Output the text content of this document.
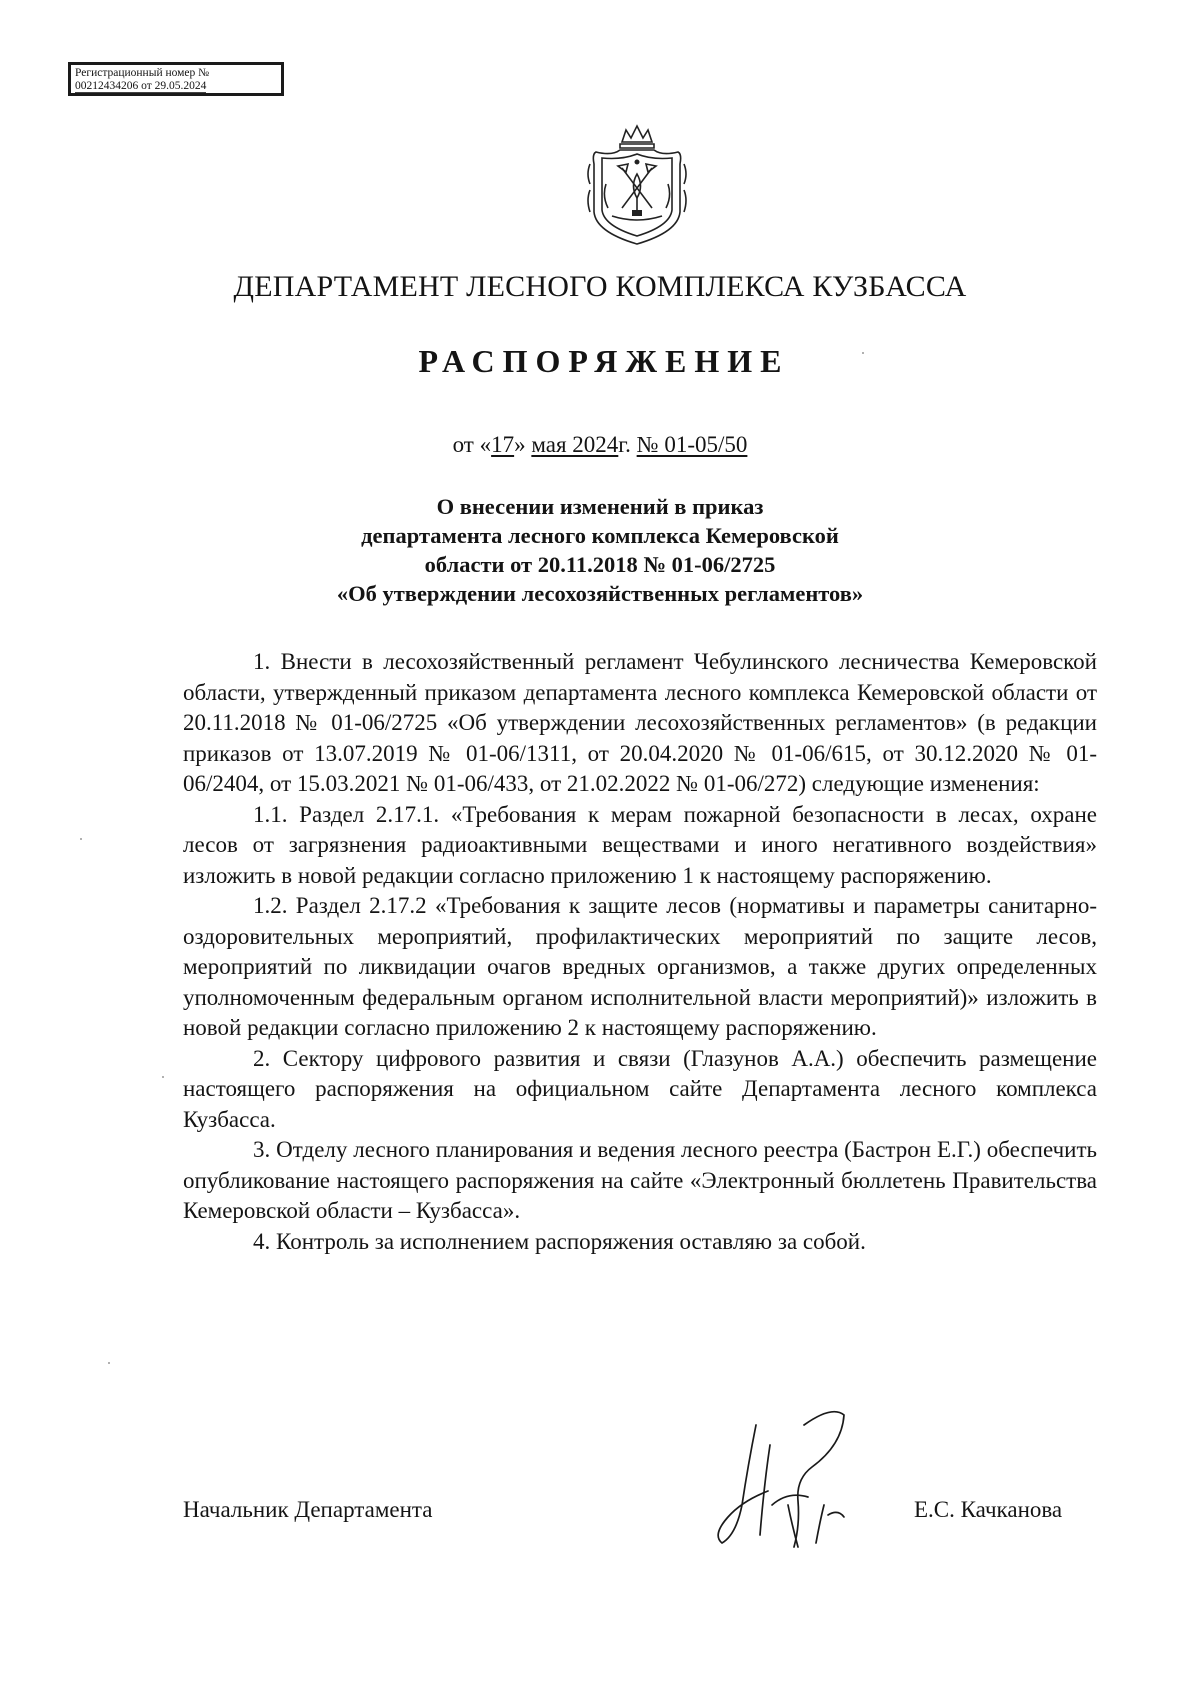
Регистрационный номер №
00212434206 от 29.05.2024
ДЕПАРТАМЕНТ ЛЕСНОГО КОМПЛЕКСА КУЗБАССА
РАСПОРЯЖЕНИЕ
от «17» мая 2024г. № 01-05/50
О внесении изменений в приказ
департамента лесного комплекса Кемеровской
области от 20.11.2018 № 01-06/2725
«Об утверждении лесохозяйственных регламентов»

1. Внести в лесохозяйственный регламент Чебулинского лесничества Кемеровской области, утвержденный приказом департамента лесного комплекса Кемеровской области от 20.11.2018 № 01-06/2725 «Об утверждении лесохозяйственных регламентов» (в редакции приказов от 13.07.2019 № 01-06/1311, от 20.04.2020 № 01-06/615, от 30.12.2020 № 01-06/2404, от 15.03.2021 № 01-06/433, от 21.02.2022 № 01-06/272) следующие изменения:

1.1. Раздел 2.17.1. «Требования к мерам пожарной безопасности в лесах, охране лесов от загрязнения радиоактивными веществами и иного негативного воздействия» изложить в новой редакции согласно приложению 1 к настоящему распоряжению.

1.2. Раздел 2.17.2 «Требования к защите лесов (нормативы и параметры санитарно-оздоровительных мероприятий, профилактических мероприятий по защите лесов, мероприятий по ликвидации очагов вредных организмов, а также других определенных уполномоченным федеральным органом исполнительной власти мероприятий)» изложить в новой редакции согласно приложению 2 к настоящему распоряжению.

2. Сектору цифрового развития и связи (Глазунов А.А.) обеспечить размещение настоящего распоряжения на официальном сайте Департамента лесного комплекса Кузбасса.

3. Отделу лесного планирования и ведения лесного реестра (Бастрон Е.Г.) обеспечить опубликование настоящего распоряжения на сайте «Электронный бюллетень Правительства Кемеровской области – Кузбасса».

4. Контроль за исполнением распоряжения оставляю за собой.

Начальник Департамента	Е.С. Качканова
